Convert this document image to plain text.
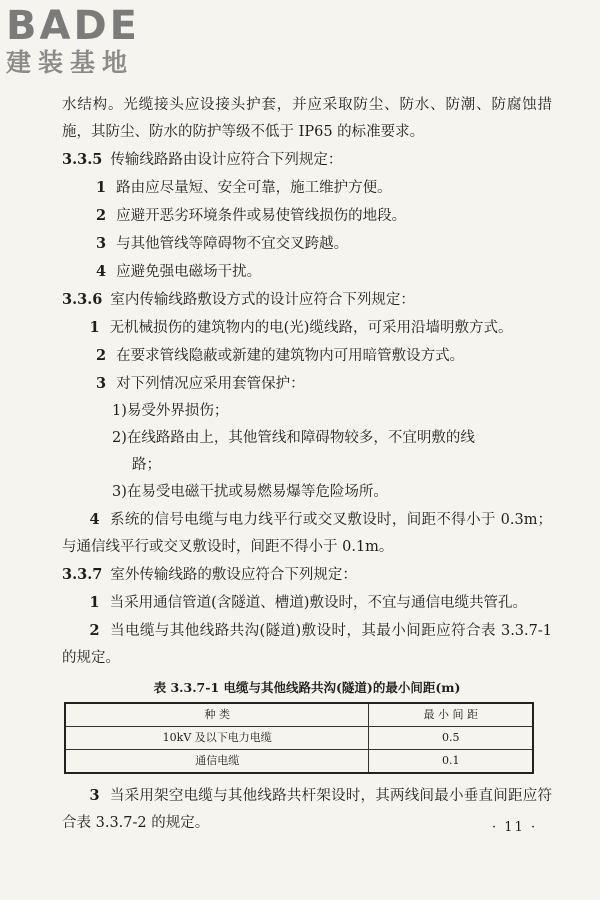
BADE
建装基地

水结构。光缆接头应设接头护套，并应采取防尘、防水、防潮、防腐蚀措施，其防尘、防水的防护等级不低于 IP65 的标准要求。

3.3.5 传输线路路由设计应符合下列规定：

1 路由应尽量短、安全可靠，施工维护方便。

2 应避开恶劣环境条件或易使管线损伤的地段。

3 与其他管线等障碍物不宜交叉跨越。

4 应避免强电磁场干扰。

3.3.6 室内传输线路敷设方式的设计应符合下列规定：

1 无机械损伤的建筑物内的电(光)缆线路，可采用沿墙明敷方式。

2 在要求管线隐蔽或新建的建筑物内可用暗管敷设方式。

3 对下列情况应采用套管保护：

1)易受外界损伤；

2)在线路路由上，其他管线和障碍物较多，不宜明敷的线

路；

3)在易受电磁干扰或易燃易爆等危险场所。

4 系统的信号电缆与电力线平行或交叉敷设时，间距不得小于 0.3m；与通信线平行或交叉敷设时，间距不得小于 0.1m。

3.3.7 室外传输线路的敷设应符合下列规定：

1 当采用通信管道(含隧道、槽道)敷设时，不宜与通信电缆共管孔。

2 当电缆与其他线路共沟(隧道)敷设时，其最小间距应符合表 3.3.7-1 的规定。

表 3.3.7-1 电缆与其他线路共沟(隧道)的最小间距(m)
种 类	最 小 间 距
10kV 及以下电力电缆	0.5
通信电缆	0.1

3 当采用架空电缆与其他线路共杆架设时，其两线间最小垂直间距应符合表 3.3.7-2 的规定。	· 11 ·
